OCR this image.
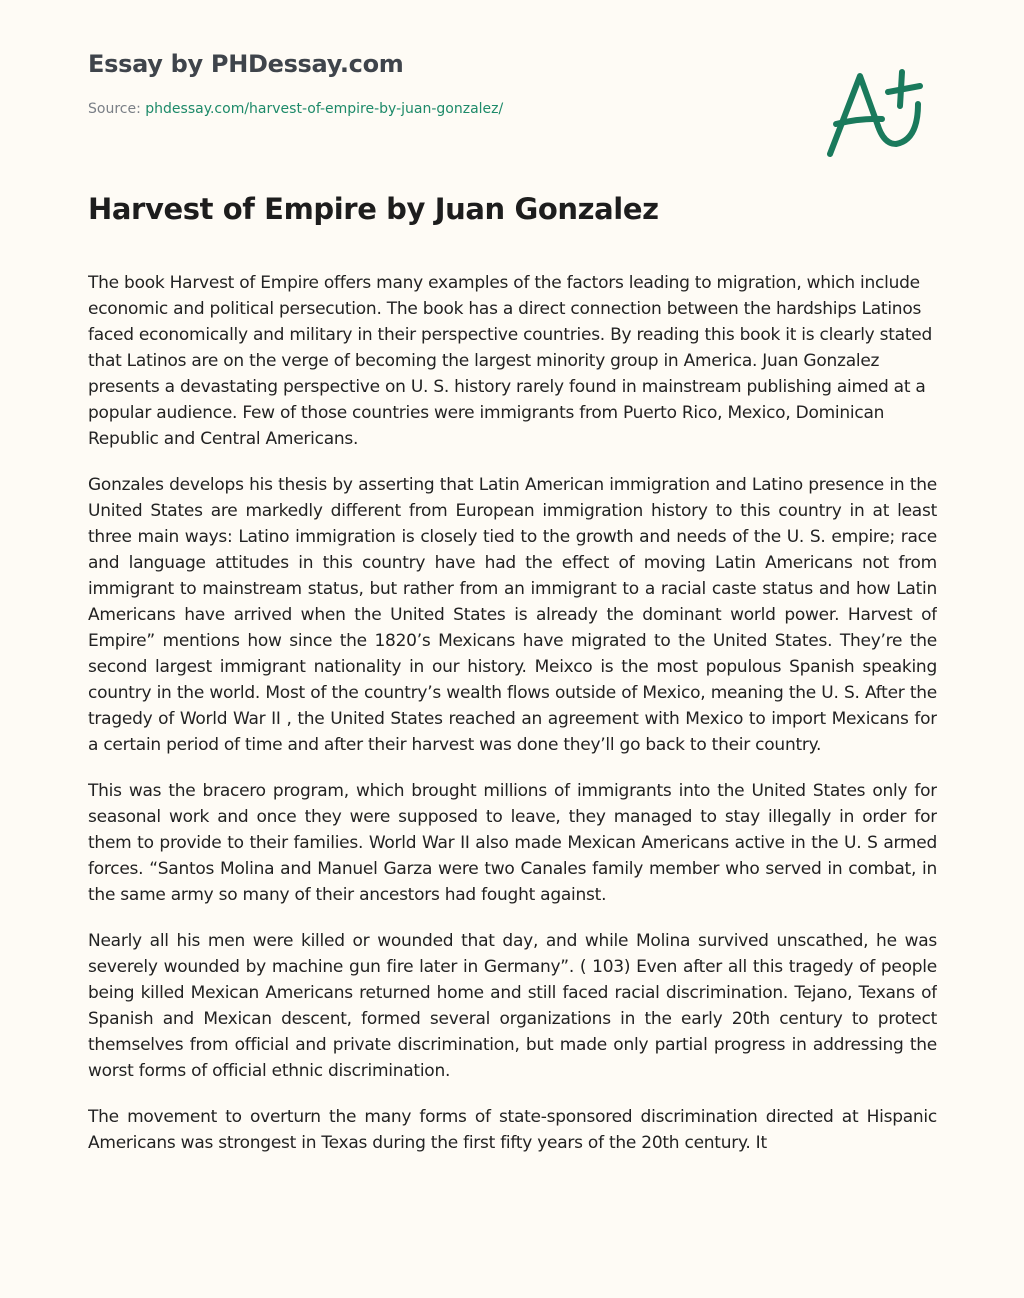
Essay by PHDessay.com
Source: phdessay.com/harvest-of-empire-by-juan-gonzalez/
Harvest of Empire by Juan Gonzalez

The book Harvest of Empire offers many examples of the factors leading to migration, which include economic and political persecution. The book has a direct connection between the hardships Latinos faced economically and military in their perspective countries. By reading this book it is clearly stated that Latinos are on the verge of becoming the largest minority group in America. Juan Gonzalez presents a devastating perspective on U. S. history rarely found in mainstream publishing aimed at a popular audience. Few of those countries were immigrants from Puerto Rico, Mexico, Dominican Republic and Central Americans.

Gonzales develops his thesis by asserting that Latin American immigration and Latino presence in the United States are markedly different from European immigration history to this country in at least three main ways: Latino immigration is closely tied to the growth and needs of the U. S. empire; race and language attitudes in this country have had the effect of moving Latin Americans not from immigrant to mainstream status, but rather from an immigrant to a racial caste status and how Latin Americans have arrived when the United States is already the dominant world power. Harvest of Empire” mentions how since the 1820’s Mexicans have migrated to the United States. They’re the second largest immigrant nationality in our history. Meixco is the most populous Spanish speaking country in the world. Most of the country’s wealth flows outside of Mexico, meaning the U. S. After the tragedy of World War II , the United States reached an agreement with Mexico to import Mexicans for a certain period of time and after their harvest was done they’ll go back to their country.

This was the bracero program, which brought millions of immigrants into the United States only for seasonal work and once they were supposed to leave, they managed to stay illegally in order for them to provide to their families. World War II also made Mexican Americans active in the U. S armed forces. “Santos Molina and Manuel Garza were two Canales family member who served in combat, in the same army so many of their ancestors had fought against.

Nearly all his men were killed or wounded that day, and while Molina survived unscathed, he was severely wounded by machine gun fire later in Germany”. ( 103) Even after all this tragedy of people being killed Mexican Americans returned home and still faced racial discrimination. Tejano, Texans of Spanish and Mexican descent, formed several organizations in the early 20th century to protect themselves from official and private discrimination, but made only partial progress in addressing the worst forms of official ethnic discrimination.

The movement to overturn the many forms of state-sponsored discrimination directed at Hispanic Americans was strongest in Texas during the first fifty years of the 20th century. It
